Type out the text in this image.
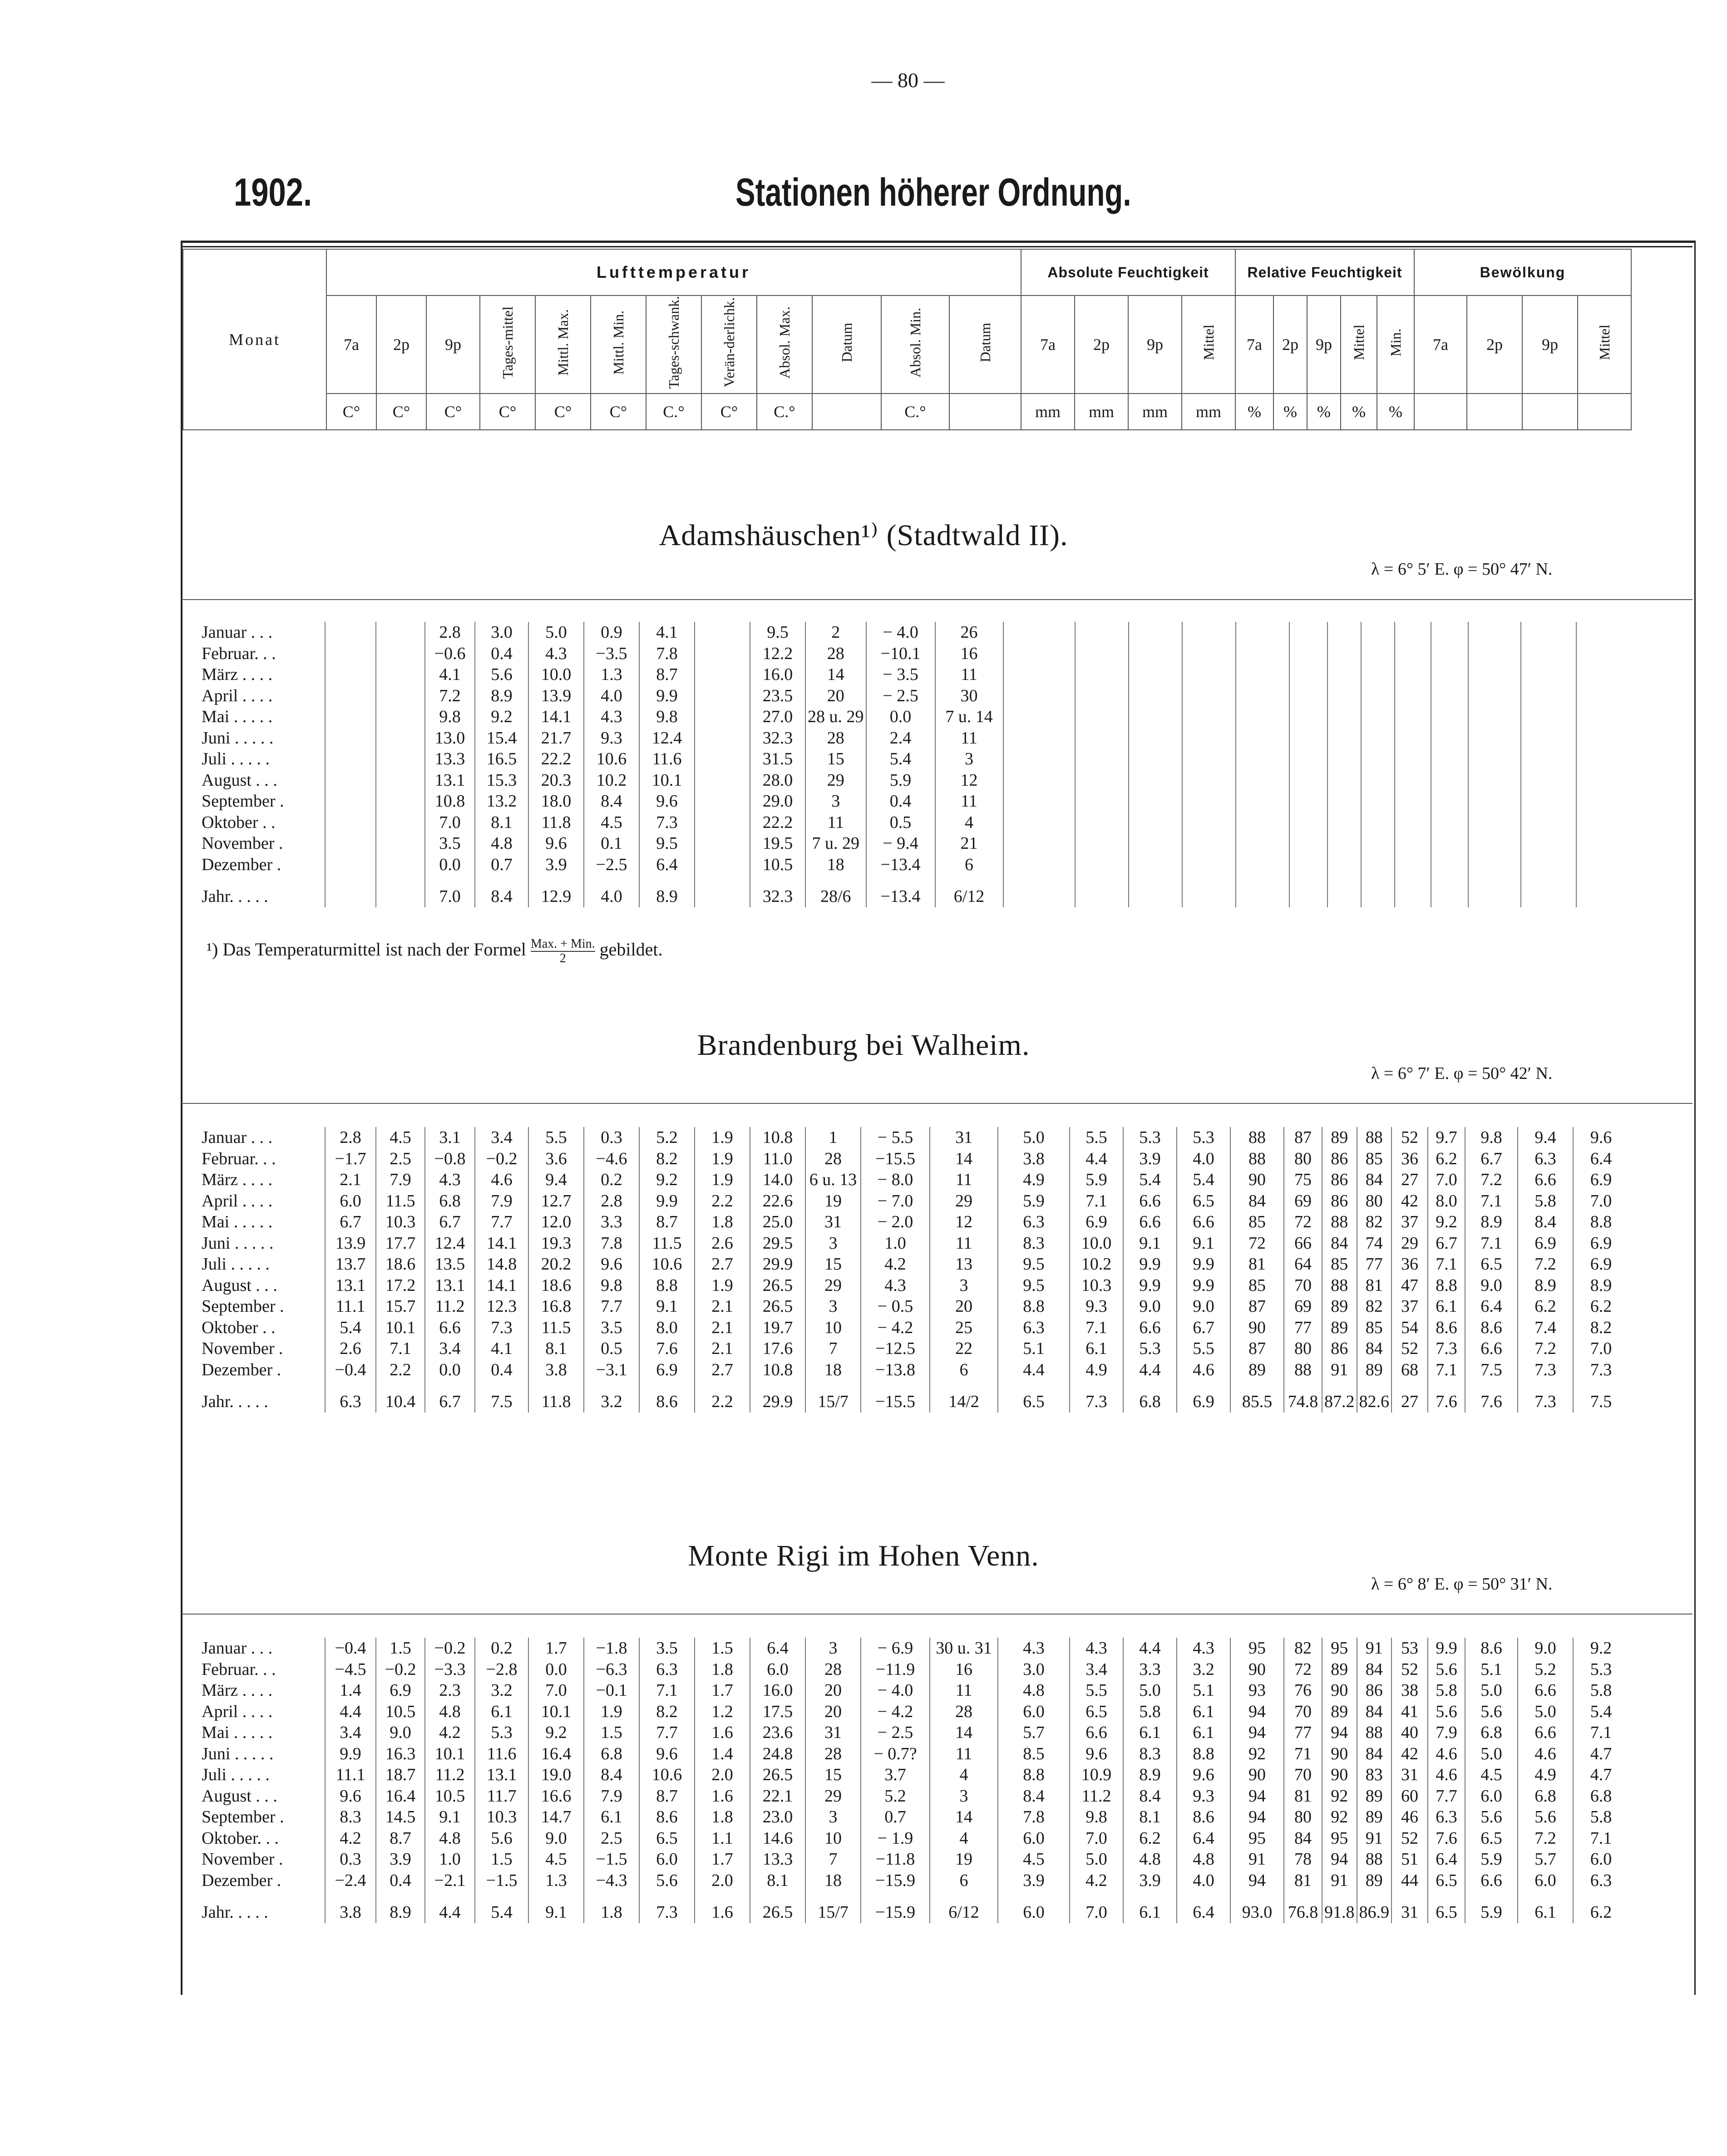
— 80 —
1902.	Stationen höherer Ordnung.
Monat	Lufttemperatur												Absolute Feuchtigkeit				Relative Feuchtigkeit					Bewölkung			
	7a	2p	9p	Tages-mittel	Mittl. Max.	Mittl. Min.	Tages-schwank.	Verän-derlichk.	Absol. Max.	Datum	Absol. Min.	Datum	7a	2p	9p	Mittel	7a	2p	9p	Mittel	Min.	7a	2p	9p	Mittel
	C°	C°	C°	C°	C°	C°	C.°	C°	C.°		C.°		mm	mm	mm	mm	%	%	%	%	%				
Adamshäuschen¹⁾ (Stadtwald II).
λ = 6° 5′ E. φ = 50° 47′ N.
Januar . . .			2.8	3.0	5.0	0.9	4.1		9.5	2	− 4.0	26													
Februar. . .			−0.6	0.4	4.3	−3.5	7.8		12.2	28	−10.1	16													
März . . . .			4.1	5.6	10.0	1.3	8.7		16.0	14	− 3.5	11													
April . . . .			7.2	8.9	13.9	4.0	9.9		23.5	20	− 2.5	30													
Mai . . . . .			9.8	9.2	14.1	4.3	9.8		27.0	28 u. 29	0.0	7 u. 14													
Juni . . . . .			13.0	15.4	21.7	9.3	12.4		32.3	28	2.4	11													
Juli . . . . .			13.3	16.5	22.2	10.6	11.6		31.5	15	5.4	3													
August . . .			13.1	15.3	20.3	10.2	10.1		28.0	29	5.9	12													
September .			10.8	13.2	18.0	8.4	9.6		29.0	3	0.4	11													
Oktober . .			7.0	8.1	11.8	4.5	7.3		22.2	11	0.5	4													
November .			3.5	4.8	9.6	0.1	9.5		19.5	7 u. 29	− 9.4	21													
Dezember .			0.0	0.7	3.9	−2.5	6.4		10.5	18	−13.4	6													
Jahr. . . . .			7.0	8.4	12.9	4.0	8.9		32.3	28/6	−13.4	6/12													
¹) Das Temperaturmittel ist nach der Formel $\frac{\text{Max. + Min.}}{2}$ gebildet.
Brandenburg bei Walheim.
λ = 6° 7′ E. φ = 50° 42′ N.
Januar . . .	2.8	4.5	3.1	3.4	5.5	0.3	5.2	1.9	10.8	1	− 5.5	31	5.0	5.5	5.3	5.3	88	87	89	88	52	9.7	9.8	9.4	9.6
Februar. . .	−1.7	2.5	−0.8	−0.2	3.6	−4.6	8.2	1.9	11.0	28	−15.5	14	3.8	4.4	3.9	4.0	88	80	86	85	36	6.2	6.7	6.3	6.4
März . . . .	2.1	7.9	4.3	4.6	9.4	0.2	9.2	1.9	14.0	6 u. 13	− 8.0	11	4.9	5.9	5.4	5.4	90	75	86	84	27	7.0	7.2	6.6	6.9
April . . . .	6.0	11.5	6.8	7.9	12.7	2.8	9.9	2.2	22.6	19	− 7.0	29	5.9	7.1	6.6	6.5	84	69	86	80	42	8.0	7.1	5.8	7.0
Mai . . . . .	6.7	10.3	6.7	7.7	12.0	3.3	8.7	1.8	25.0	31	− 2.0	12	6.3	6.9	6.6	6.6	85	72	88	82	37	9.2	8.9	8.4	8.8
Juni . . . . .	13.9	17.7	12.4	14.1	19.3	7.8	11.5	2.6	29.5	3	1.0	11	8.3	10.0	9.1	9.1	72	66	84	74	29	6.7	7.1	6.9	6.9
Juli . . . . .	13.7	18.6	13.5	14.8	20.2	9.6	10.6	2.7	29.9	15	4.2	13	9.5	10.2	9.9	9.9	81	64	85	77	36	7.1	6.5	7.2	6.9
August . . .	13.1	17.2	13.1	14.1	18.6	9.8	8.8	1.9	26.5	29	4.3	3	9.5	10.3	9.9	9.9	85	70	88	81	47	8.8	9.0	8.9	8.9
September .	11.1	15.7	11.2	12.3	16.8	7.7	9.1	2.1	26.5	3	− 0.5	20	8.8	9.3	9.0	9.0	87	69	89	82	37	6.1	6.4	6.2	6.2
Oktober . .	5.4	10.1	6.6	7.3	11.5	3.5	8.0	2.1	19.7	10	− 4.2	25	6.3	7.1	6.6	6.7	90	77	89	85	54	8.6	8.6	7.4	8.2
November .	2.6	7.1	3.4	4.1	8.1	0.5	7.6	2.1	17.6	7	−12.5	22	5.1	6.1	5.3	5.5	87	80	86	84	52	7.3	6.6	7.2	7.0
Dezember .	−0.4	2.2	0.0	0.4	3.8	−3.1	6.9	2.7	10.8	18	−13.8	6	4.4	4.9	4.4	4.6	89	88	91	89	68	7.1	7.5	7.3	7.3
Jahr. . . . .	6.3	10.4	6.7	7.5	11.8	3.2	8.6	2.2	29.9	15/7	−15.5	14/2	6.5	7.3	6.8	6.9	85.5	74.8	87.2	82.6	27	7.6	7.6	7.3	7.5
Monte Rigi im Hohen Venn.
λ = 6° 8′ E. φ = 50° 31′ N.
Januar . . .	−0.4	1.5	−0.2	0.2	1.7	−1.8	3.5	1.5	6.4	3	− 6.9	30 u. 31	4.3	4.3	4.4	4.3	95	82	95	91	53	9.9	8.6	9.0	9.2
Februar. . .	−4.5	−0.2	−3.3	−2.8	0.0	−6.3	6.3	1.8	6.0	28	−11.9	16	3.0	3.4	3.3	3.2	90	72	89	84	52	5.6	5.1	5.2	5.3
März . . . .	1.4	6.9	2.3	3.2	7.0	−0.1	7.1	1.7	16.0	20	− 4.0	11	4.8	5.5	5.0	5.1	93	76	90	86	38	5.8	5.0	6.6	5.8
April . . . .	4.4	10.5	4.8	6.1	10.1	1.9	8.2	1.2	17.5	20	− 4.2	28	6.0	6.5	5.8	6.1	94	70	89	84	41	5.6	5.6	5.0	5.4
Mai . . . . .	3.4	9.0	4.2	5.3	9.2	1.5	7.7	1.6	23.6	31	− 2.5	14	5.7	6.6	6.1	6.1	94	77	94	88	40	7.9	6.8	6.6	7.1
Juni . . . . .	9.9	16.3	10.1	11.6	16.4	6.8	9.6	1.4	24.8	28	− 0.7?	11	8.5	9.6	8.3	8.8	92	71	90	84	42	4.6	5.0	4.6	4.7
Juli . . . . .	11.1	18.7	11.2	13.1	19.0	8.4	10.6	2.0	26.5	15	3.7	4	8.8	10.9	8.9	9.6	90	70	90	83	31	4.6	4.5	4.9	4.7
August . . .	9.6	16.4	10.5	11.7	16.6	7.9	8.7	1.6	22.1	29	5.2	3	8.4	11.2	8.4	9.3	94	81	92	89	60	7.7	6.0	6.8	6.8
September .	8.3	14.5	9.1	10.3	14.7	6.1	8.6	1.8	23.0	3	0.7	14	7.8	9.8	8.1	8.6	94	80	92	89	46	6.3	5.6	5.6	5.8
Oktober. . .	4.2	8.7	4.8	5.6	9.0	2.5	6.5	1.1	14.6	10	− 1.9	4	6.0	7.0	6.2	6.4	95	84	95	91	52	7.6	6.5	7.2	7.1
November .	0.3	3.9	1.0	1.5	4.5	−1.5	6.0	1.7	13.3	7	−11.8	19	4.5	5.0	4.8	4.8	91	78	94	88	51	6.4	5.9	5.7	6.0
Dezember .	−2.4	0.4	−2.1	−1.5	1.3	−4.3	5.6	2.0	8.1	18	−15.9	6	3.9	4.2	3.9	4.0	94	81	91	89	44	6.5	6.6	6.0	6.3
Jahr. . . . .	3.8	8.9	4.4	5.4	9.1	1.8	7.3	1.6	26.5	15/7	−15.9	6/12	6.0	7.0	6.1	6.4	93.0	76.8	91.8	86.9	31	6.5	5.9	6.1	6.2
